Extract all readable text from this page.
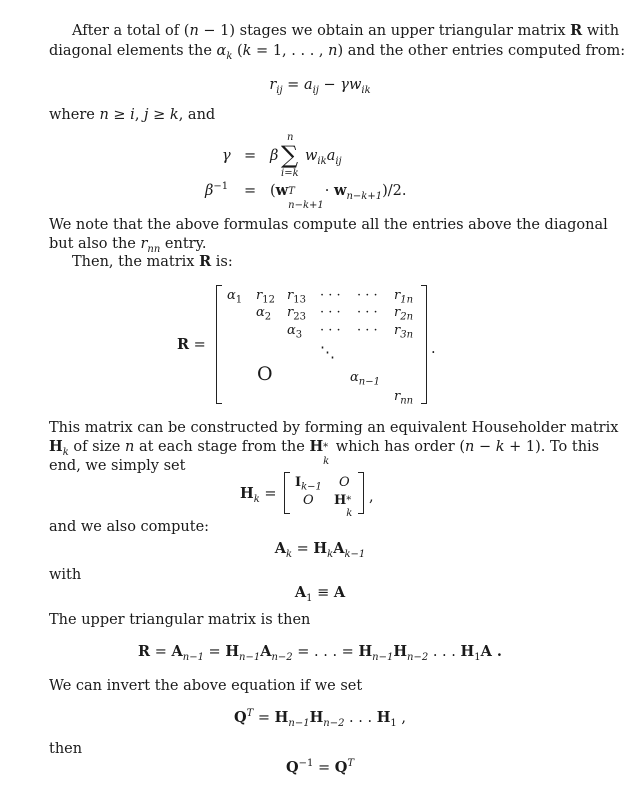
After a total of (n − 1) stages we obtain an upper triangular matrix R with
diagonal elements the $\alpha_k$ (k = 1, . . . , n) and the other entries computed from:
$r_{ij} = a_{ij} - \gamma w_{ik}$
where n ≥ i, j ≥ k, and
γ = β
n
∑
i=k
$w_{ik}a_{ij}$
$\beta^{-1} = (w$ T
n−k+1
· $w_{n-k+1})/2$.
We note that the above formulas compute all the entries above the diagonal
but also the $r_{nn}$ entry.
Then, the matrix R is:
R =	.
$\alpha_1$ $r_{12}$ $r_{13}$ · · · · · · $r_{1n}$
$\alpha_2$ $r_{23}$ · · · · · · $r_{2n}$
$\alpha_3$ · · · · · · $r_{3n}$
⋱
O	$\alpha_{n-1}$
$r_{nn}$
This matrix can be constructed by forming an equivalent Householder matrix
$H_k$ of size n at each stage from the H *
k
which has order (n − k + 1). To this
end, we simply set
$H_k$ =
$I_{k-1}$ O
O H *
k
,
and we also compute:
$A_k = H_kA_{k-1}$
with
$A_1 \equiv A$
The upper triangular matrix is then
$R = A_{n-1} = H_{n-1}A_{n-2}$ = . . . = $H_{n-1}H_{n-2}$ . . . $H_1A$ .
We can invert the above equation if we set
$Q^T = H_{n-1}H_{n-2}$ . . . $H_1$ ,
then
$Q^{-1} = Q^T$
